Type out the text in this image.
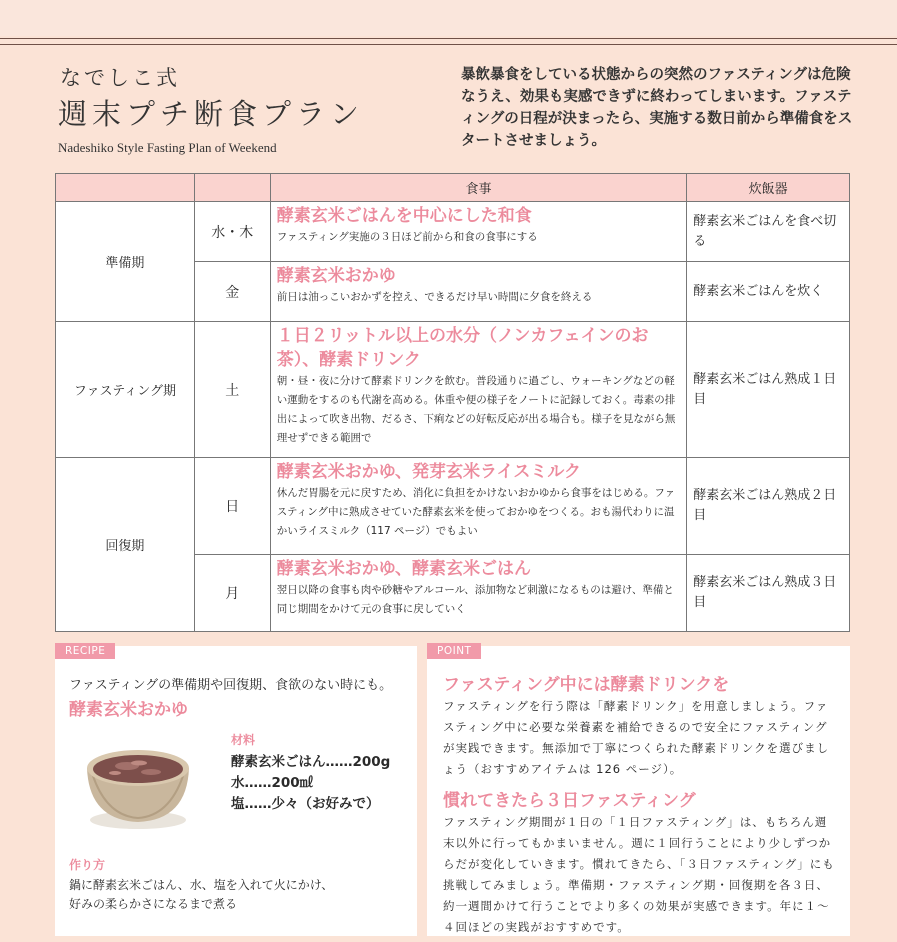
なでしこ式
週末プチ断食プラン
Nadeshiko Style Fasting Plan of Weekend
暴飲暴食をしている状態からの突然のファスティングは危険なうえ、効果も実感できずに終わってしまいます。ファスティングの日程が決まったら、実施する数日前から準備食をスタートさせましょう。
		食事	炊飯器
準備期	水・木	酵素玄米ごはんを中心にした和食
ファスティング実施の３日ほど前から和食の食事にする	酵素玄米ごはんを食べ切る
	金	酵素玄米おかゆ
前日は油っこいおかずを控え、できるだけ早い時間に夕食を終える	酵素玄米ごはんを炊く
ファスティング期	土	１日２リットル以上の水分（ノンカフェインのお茶）、酵素ドリンク
朝・昼・夜に分けて酵素ドリンクを飲む。普段通りに過ごし、ウォーキングなどの軽い運動をするのも代謝を高める。体重や便の様子をノートに記録しておく。毒素の排出によって吹き出物、だるさ、下痢などの好転反応が出る場合も。様子を見ながら無理せずできる範囲で	酵素玄米ごはん熟成１日目
回復期	日	酵素玄米おかゆ、発芽玄米ライスミルク
休んだ胃腸を元に戻すため、消化に負担をかけないおかゆから食事をはじめる。ファスティング中に熟成させていた酵素玄米を使っておかゆをつくる。おも湯代わりに温かいライスミルク（117 ページ）でもよい	酵素玄米ごはん熟成２日目
	月	酵素玄米おかゆ、酵素玄米ごはん
翌日以降の食事も肉や砂糖やアルコール、添加物など刺激になるものは避け、準備と同じ期間をかけて元の食事に戻していく	酵素玄米ごはん熟成３日目
RECIPE
ファスティングの準備期や回復期、食欲のない時にも。
酵素玄米おかゆ
材料
酵素玄米ごはん……200g
水……200㎖
塩……少々（お好みで）
作り方
鍋に酵素玄米ごはん、水、塩を入れて火にかけ、
好みの柔らかさになるまで煮る
POINT
ファスティング中には酵素ドリンクを
ファスティングを行う際は「酵素ドリンク」を用意しましょう。ファスティング中に必要な栄養素を補給できるので安全にファスティングが実践できます。無添加で丁寧につくられた酵素ドリンクを選びましょう（おすすめアイテムは 126 ページ）。
慣れてきたら３日ファスティング
ファスティング期間が１日の「１日ファスティング」は、もちろん週末以外に行ってもかまいません。週に１回行うことにより少しずつからだが変化していきます。慣れてきたら、「３日ファスティング」にも挑戦してみましょう。準備期・ファスティング期・回復期を各３日、約一週間かけて行うことでより多くの効果が実感できます。年に１～４回ほどの実践がおすすめです。
